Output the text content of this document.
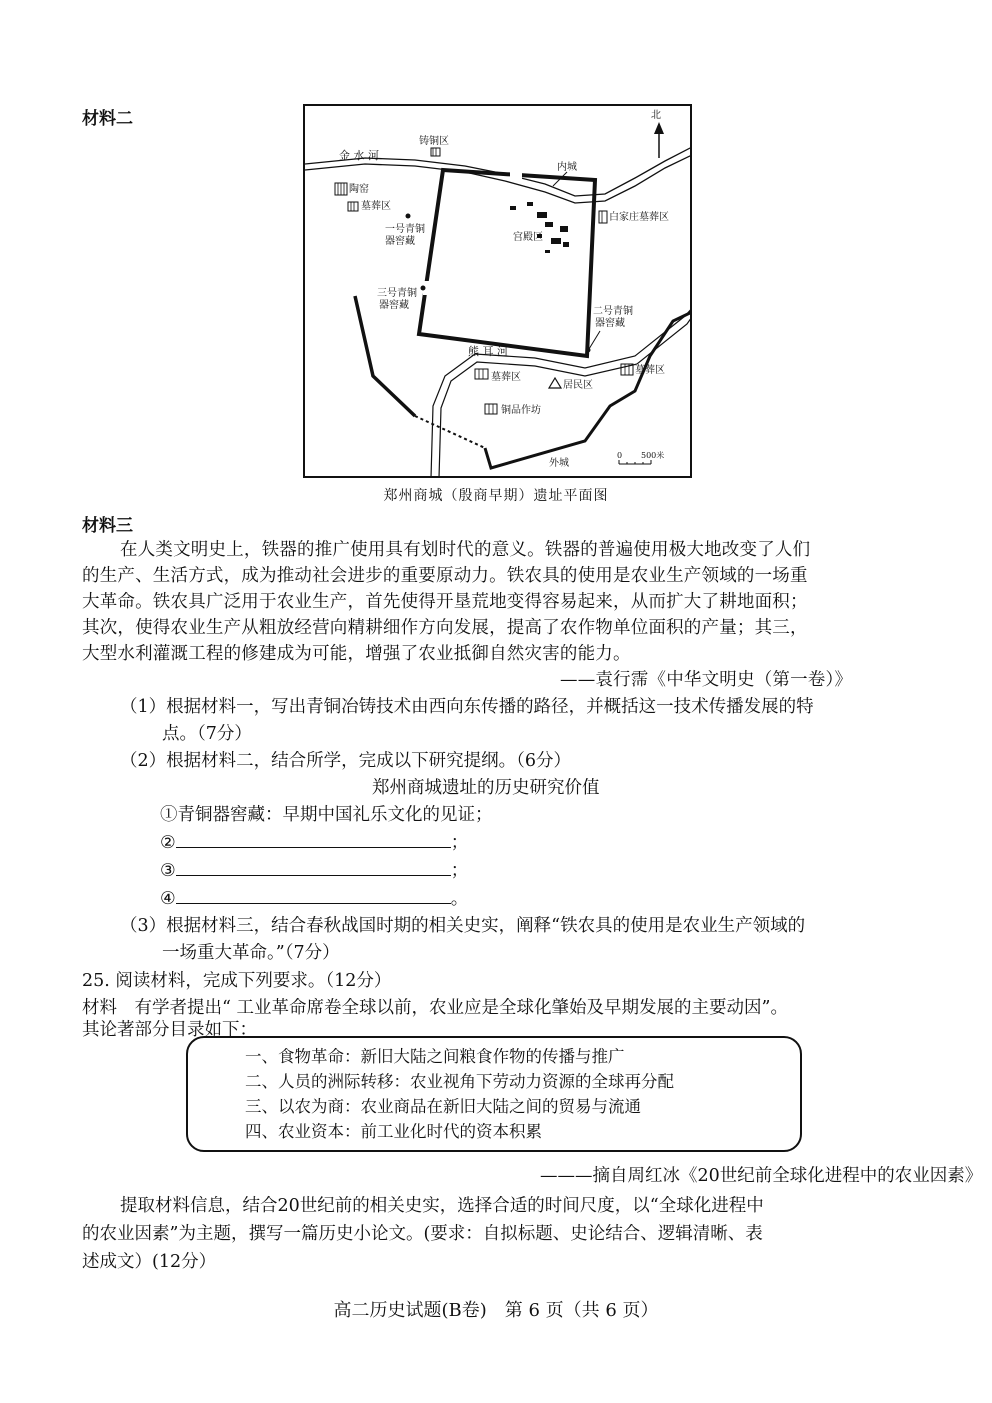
材料二	北
金 水 河
铸铜区
内城
陶窑
墓葬区
白家庄墓葬区
一号青铜
器窖藏	宫殿区
三号青铜
器窖藏
二号青铜
器窖藏
熊 耳 河
墓葬区
居民区
墓葬区
铜品作坊
外城
0 500米
郑州商城（殷商早期）遗址平面图
材料三
在人类文明史上，铁器的推广使用具有划时代的意义。铁器的普遍使用极大地改变了人们
的生产、生活方式，成为推动社会进步的重要原动力。铁农具的使用是农业生产领域的一场重
大革命。铁农具广泛用于农业生产，首先使得开垦荒地变得容易起来，从而扩大了耕地面积；
其次，使得农业生产从粗放经营向精耕细作方向发展，提高了农作物单位面积的产量；其三，
大型水利灌溉工程的修建成为可能，增强了农业抵御自然灾害的能力。
——袁行霈《中华文明史（第一卷）》
（1）根据材料一，写出青铜冶铸技术由西向东传播的路径，并概括这一技术传播发展的特
点。（7分）
（2）根据材料二，结合所学，完成以下研究提纲。（6分）
郑州商城遗址的历史研究价值
①青铜器窖藏：早期中国礼乐文化的见证；
②	；
③	；
④	。
（3）根据材料三，结合春秋战国时期的相关史实，阐释“铁农具的使用是农业生产领域的
一场重大革命。”（7分）
25. 阅读材料，完成下列要求。（12分）
材料　有学者提出“ 工业革命席卷全球以前，农业应是全球化肇始及早期发展的主要动因”。
其论著部分目录如下：
一、食物革命：新旧大陆之间粮食作物的传播与推广
二、人员的洲际转移：农业视角下劳动力资源的全球再分配
三、以农为商：农业商品在新旧大陆之间的贸易与流通
四、农业资本：前工业化时代的资本积累
———摘自周红冰《20世纪前全球化进程中的农业因素》
提取材料信息，结合20世纪前的相关史实，选择合适的时间尺度，以“全球化进程中
的农业因素”为主题，撰写一篇历史小论文。(要求：自拟标题、史论结合、逻辑清晰、表
述成文）(12分）
高二历史试题(B卷)　第 6 页（共 6 页）
